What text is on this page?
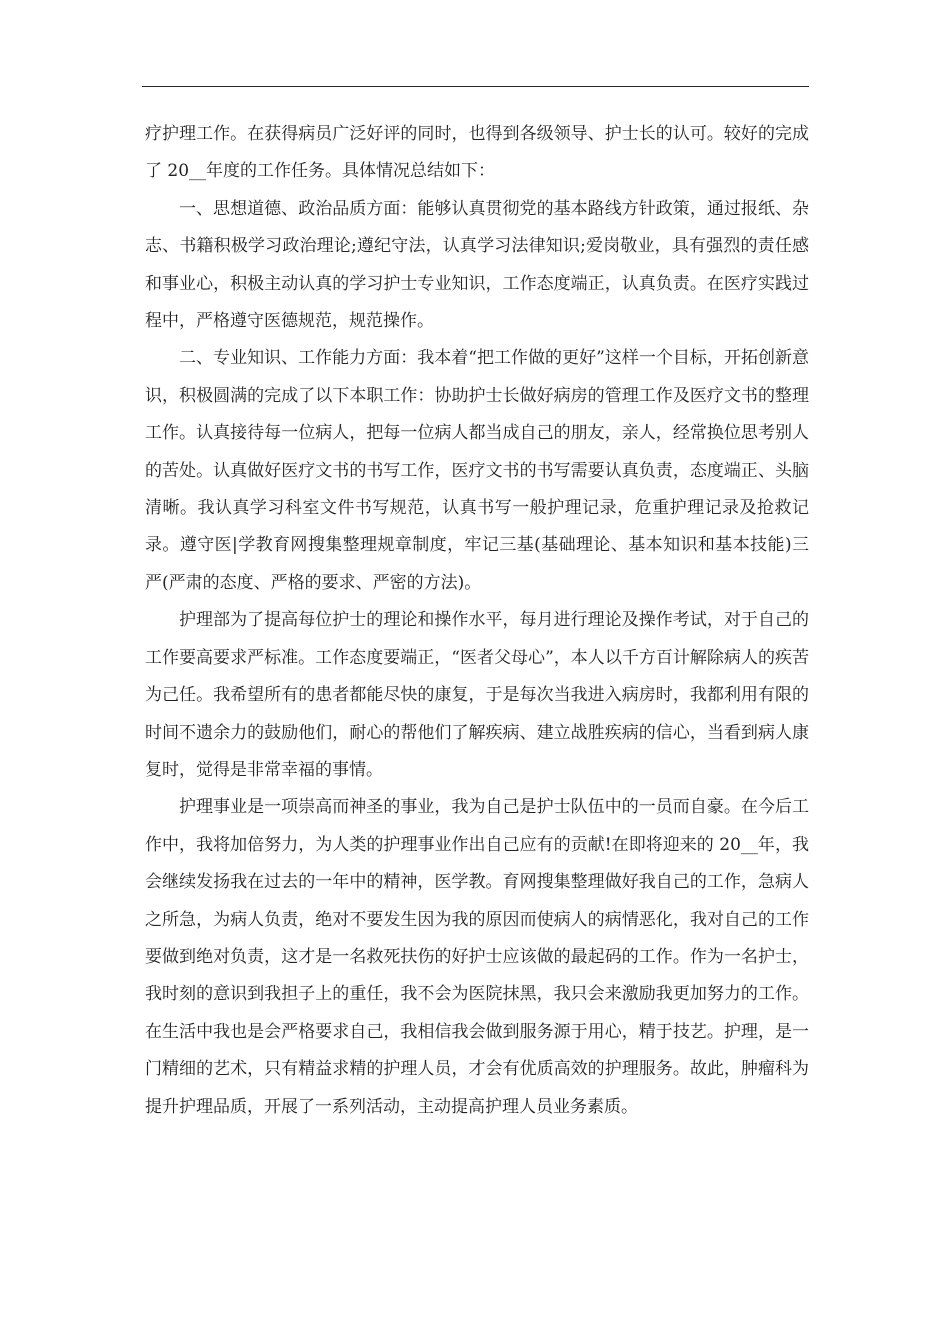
疗护理工作。在获得病员广泛好评的同时，也得到各级领导、护士长的认可。较好的完成了 20__年度的工作任务。具体情况总结如下：

一、思想道德、政治品质方面：能够认真贯彻党的基本路线方针政策，通过报纸、杂志、书籍积极学习政治理论;遵纪守法，认真学习法律知识;爱岗敬业，具有强烈的责任感和事业心，积极主动认真的学习护士专业知识，工作态度端正，认真负责。在医疗实践过程中，严格遵守医德规范，规范操作。

二、专业知识、工作能力方面：我本着“把工作做的更好”这样一个目标，开拓创新意识，积极圆满的完成了以下本职工作：协助护士长做好病房的管理工作及医疗文书的整理工作。认真接待每一位病人，把每一位病人都当成自己的朋友，亲人，经常换位思考别人的苦处。认真做好医疗文书的书写工作，医疗文书的书写需要认真负责，态度端正、头脑清晰。我认真学习科室文件书写规范，认真书写一般护理记录，危重护理记录及抢救记录。遵守医|学教育网搜集整理规章制度，牢记三基(基础理论、基本知识和基本技能)三严(严肃的态度、严格的要求、严密的方法)。

护理部为了提高每位护士的理论和操作水平，每月进行理论及操作考试，对于自己的工作要高要求严标准。工作态度要端正，“医者父母心”，本人以千方百计解除病人的疾苦为己任。我希望所有的患者都能尽快的康复，于是每次当我进入病房时，我都利用有限的时间不遗余力的鼓励他们，耐心的帮他们了解疾病、建立战胜疾病的信心，当看到病人康复时，觉得是非常幸福的事情。

护理事业是一项崇高而神圣的事业，我为自己是护士队伍中的一员而自豪。在今后工作中，我将加倍努力，为人类的护理事业作出自己应有的贡献!在即将迎来的 20__年，我会继续发扬我在过去的一年中的精神，医学教。育网搜集整理做好我自己的工作，急病人之所急，为病人负责，绝对不要发生因为我的原因而使病人的病情恶化，我对自己的工作要做到绝对负责，这才是一名救死扶伤的好护士应该做的最起码的工作。作为一名护士，我时刻的意识到我担子上的重任，我不会为医院抹黑，我只会来激励我更加努力的工作。在生活中我也是会严格要求自己，我相信我会做到服务源于用心，精于技艺。护理，是一门精细的艺术，只有精益求精的护理人员，才会有优质高效的护理服务。故此，肿瘤科为提升护理品质，开展了一系列活动，主动提高护理人员业务素质。
